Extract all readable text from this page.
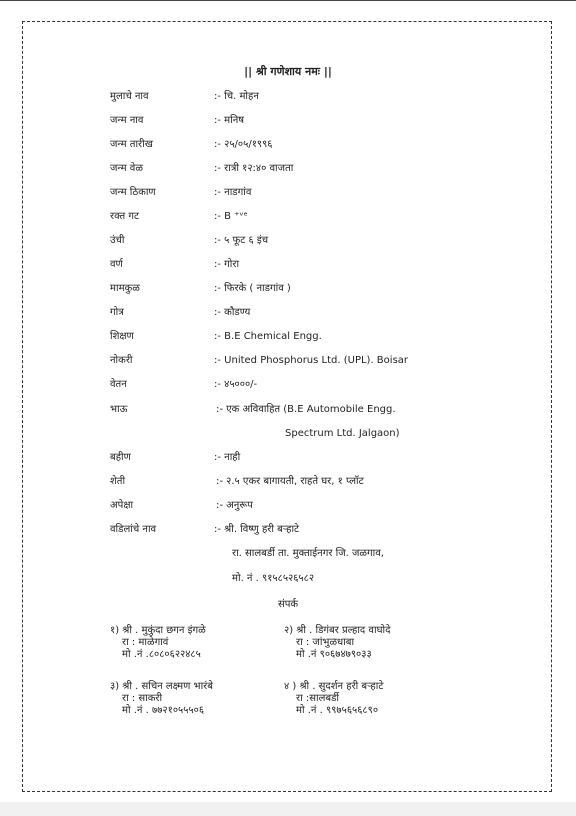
|| श्री गणेशाय नमः ||
मुलाचे नाव	:- चि. मोहन
जन्म नाव	:- मनिष
जन्म तारीख	:- २५/०५/१९९६
जन्म वेळ	:- रात्री १२:४० वाजता
जन्म ठिकाण	:- नाडगांव
रक्त गट	:- B ⁺ᵛᵉ
उंची	:- ५ फूट ६ इंच
वर्ण	:- गोरा
मामकुळ	:- फिरके ( नाडगांव )
गोत्र	:- कौडण्य
शिक्षण	:- B.E Chemical Engg.
नोकरी	:- United Phosphorus Ltd. (UPL). Boisar
वेतन	:- ४५०००/-
भाऊ	:- एक अविवाहित (B.E Automobile Engg.
Spectrum Ltd. Jalgaon)
बहीण	:- नाही
शेती	:- २.५ एकर बागायती, राहते घर, १ प्लॉट
अपेक्षा	:- अनुरूप
वडिलांचे नाव	:- श्री. विष्णु हरी बऱ्हाटे
रा. सालबर्डी ता. मुक्ताईनगर जि. जळगाव,
मो. नं . ९१५८५२६५८२
संपर्क
१) श्री . मुकुंदा छगन इंगळे
रा : माळेगावं
मो .नं .८०८०६२२४८५
२) श्री . डिगंबर प्रल्हाद वाघोदे
रा : जांभुळधाबा
मो .नं ९०६७४७९०३३
३) श्री . सचिन लक्ष्मण भारंबे
रा : साकरी
मो .नं . ७७२१०५५५०६
४ ) श्री . सुदर्शन हरी बऱ्हाटे
रा :सालबर्डी
मो .नं . ९९७५६५६८९०
